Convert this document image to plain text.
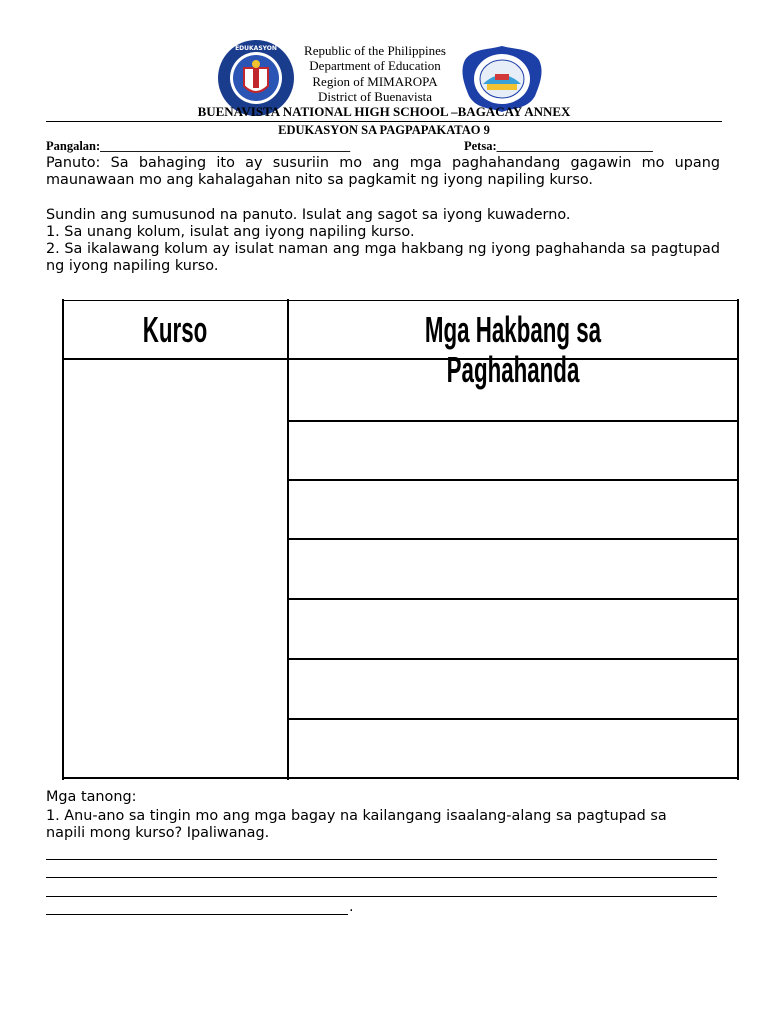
EDUKASYON	Republic of the Philippines
Department of Education
Region of MIMAROPA
District of Buenavista
BUENAVISTA NATIONAL HIGH SCHOOL –BAGACAY ANNEX
EDUKASYON SA PAGPAPAKATAO 9
Pangalan:________________________________________	Petsa:_________________________
Panuto: Sa bahaging ito ay susuriin mo ang mga paghahandang gagawin mo upang maunawaan mo ang kahalagahan nito sa pagkamit ng iyong napiling kurso.
Sundin ang sumusunod na panuto. Isulat ang sagot sa iyong kuwaderno.
1. Sa unang kolum, isulat ang iyong napiling kurso.
2. Sa ikalawang kolum ay isulat naman ang mga hakbang ng iyong paghahanda sa pagtupad ng iyong napiling kurso.
Kurso	Mga Hakbang sa Paghahanda
Mga tanong:
1. Anu-ano sa tingin mo ang mga bagay na kailangang isaalang-alang sa pagtupad sa napili mong kurso? Ipaliwanag.
.
